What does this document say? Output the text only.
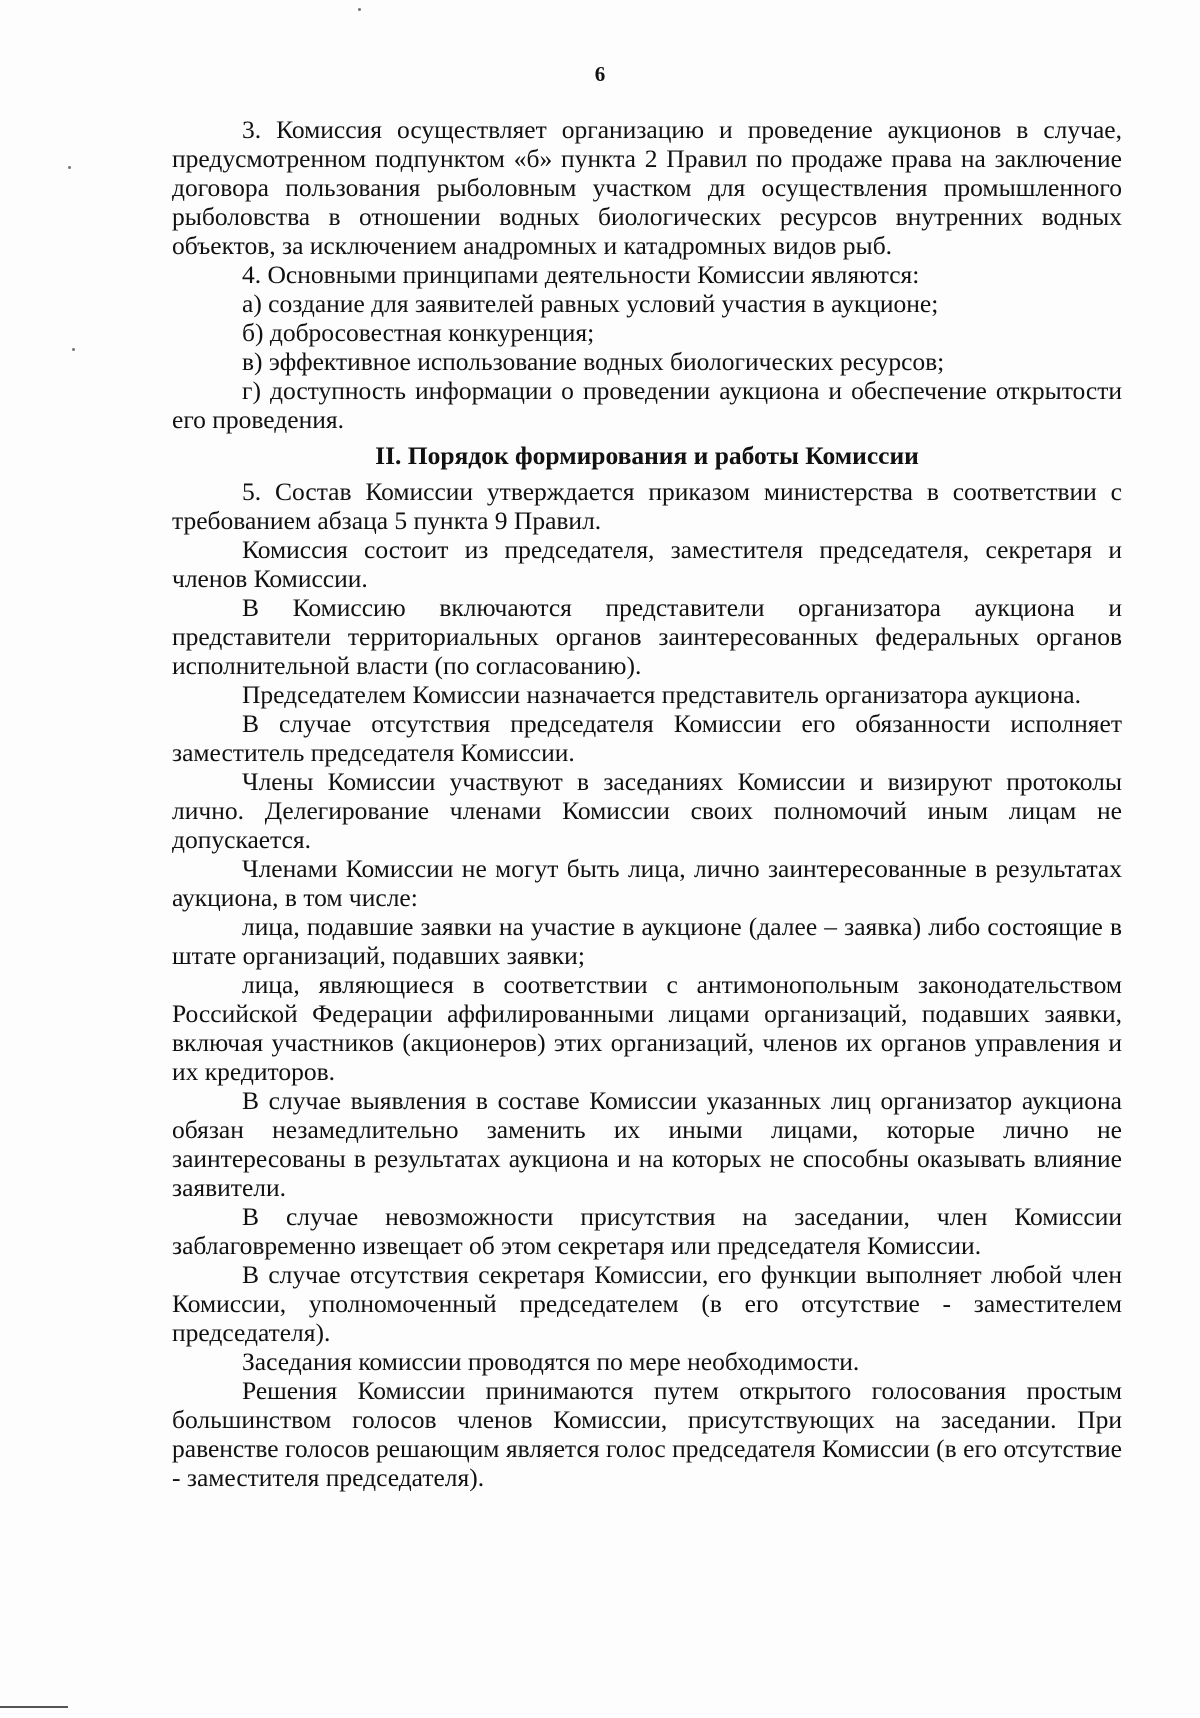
6

3. Комиссия осуществляет организацию и проведение аукционов в случае, предусмотренном подпунктом «б» пункта 2 Правил по продаже права на заключение договора пользования рыболовным участком для осуществления промышленного рыболовства в отношении водных биологических ресурсов внутренних водных объектов, за исключением анадромных и катадромных видов рыб.

4. Основными принципами деятельности Комиссии являются:

а) создание для заявителей равных условий участия в аукционе;

б) добросовестная конкуренция;

в) эффективное использование водных биологических ресурсов;

г) доступность информации о проведении аукциона и обеспечение открытости его проведения.

II. Порядок формирования и работы Комиссии

5. Состав Комиссии утверждается приказом министерства в соответствии с требованием абзаца 5 пункта 9 Правил.

Комиссия состоит из председателя, заместителя председателя, секретаря и членов Комиссии.

В Комиссию включаются представители организатора аукциона и представители территориальных органов заинтересованных федеральных органов исполнительной власти (по согласованию).

Председателем Комиссии назначается представитель организатора аукциона.

В случае отсутствия председателя Комиссии его обязанности исполняет заместитель председателя Комиссии.

Члены Комиссии участвуют в заседаниях Комиссии и визируют протоколы лично. Делегирование членами Комиссии своих полномочий иным лицам не допускается.

Членами Комиссии не могут быть лица, лично заинтересованные в результатах аукциона, в том числе:

лица, подавшие заявки на участие в аукционе (далее – заявка) либо состоящие в штате организаций, подавших заявки;

лица, являющиеся в соответствии с антимонопольным законодательством Российской Федерации аффилированными лицами организаций, подавших заявки, включая участников (акционеров) этих организаций, членов их органов управления и их кредиторов.

В случае выявления в составе Комиссии указанных лиц организатор аукциона обязан незамедлительно заменить их иными лицами, которые лично не заинтересованы в результатах аукциона и на которых не способны оказывать влияние заявители.

В случае невозможности присутствия на заседании, член Комиссии заблаговременно извещает об этом секретаря или председателя Комиссии.

В случае отсутствия секретаря Комиссии, его функции выполняет любой член Комиссии, уполномоченный председателем (в его отсутствие - заместителем председателя).

Заседания комиссии проводятся по мере необходимости.

Решения Комиссии принимаются путем открытого голосования простым большинством голосов членов Комиссии, присутствующих на заседании. При равенстве голосов решающим является голос председателя Комиссии (в его отсутствие - заместителя председателя).
